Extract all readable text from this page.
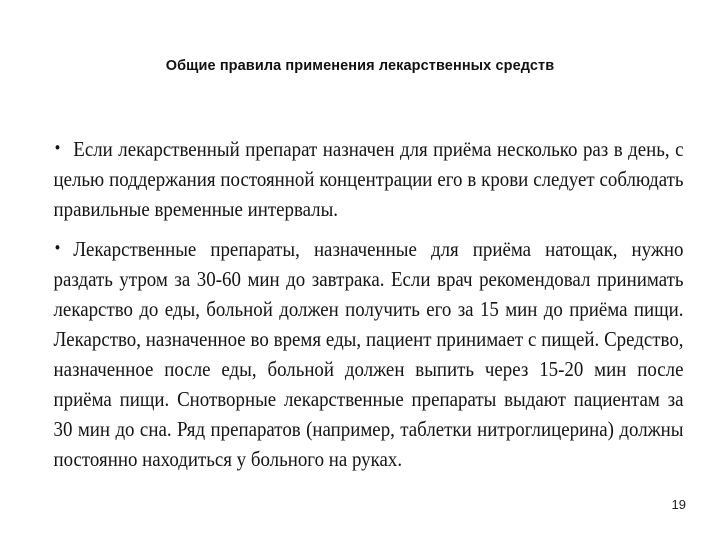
Общие правила применения лекарственных средств
• Если лекарственный препарат назначен для приёма несколько раз в день, с целью поддержания постоянной концентрации его в крови следует соблюдать правильные временные интервалы.
• Лекарственные препараты, назначенные для приёма натощак, нужно раздать утром за 30-60 мин до завтрака. Если врач рекомендовал принимать лекарство до еды, больной должен получить его за 15 мин до приёма пищи. Лекарство, назначенное во время еды, пациент принимает с пищей. Средство, назначенное после еды, больной должен выпить через 15-20 мин после приёма пищи. Снотворные лекарственные препараты выдают пациентам за 30 мин до сна. Ряд препаратов (например, таблетки нитроглицерина) должны постоянно находиться у больного на руках.
19
